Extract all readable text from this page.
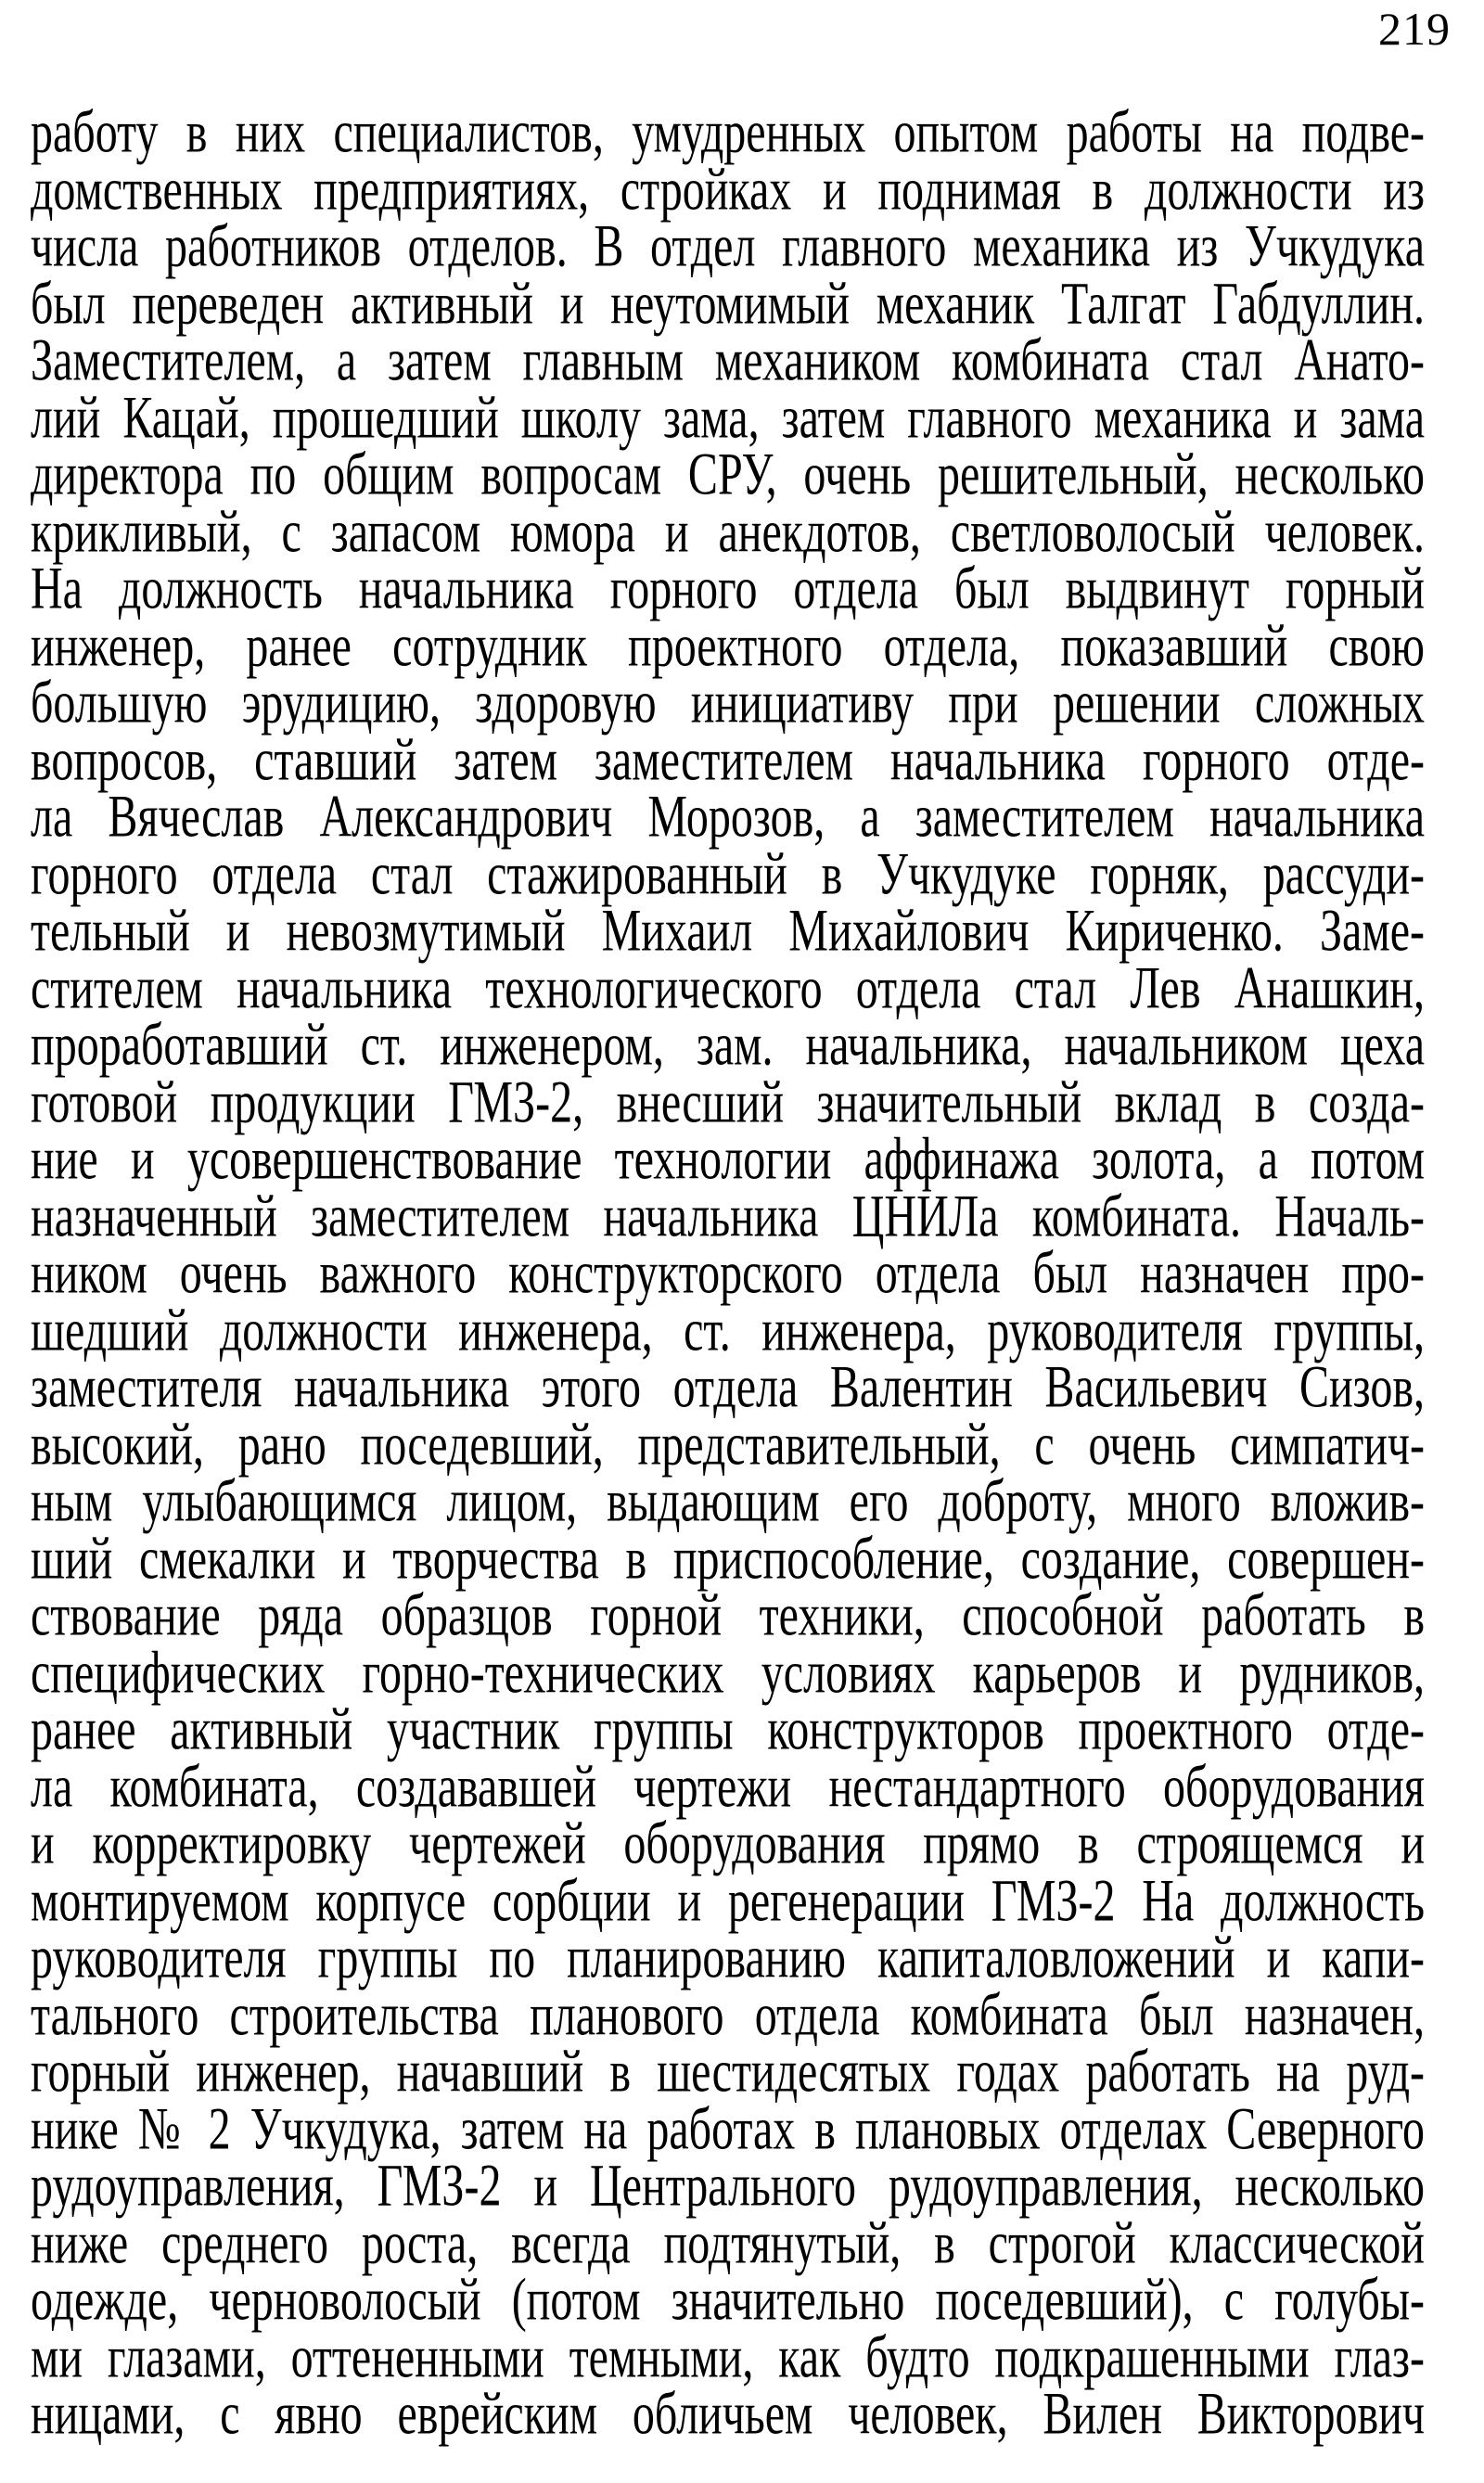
219
работу в них специалистов, умудренных опытом работы на подве-
домственных предприятиях, стройках и поднимая в должности из
числа работников отделов. В отдел главного механика из Учкудука
был переведен активный и неутомимый механик Талгат Габдуллин.
Заместителем, а затем главным механиком комбината стал Анато-
лий Кацай, прошедший школу зама, затем главного механика и зама
директора по общим вопросам СРУ, очень решительный, несколько
крикливый, с запасом юмора и анекдотов, светловолосый человек.
На должность начальника горного отдела был выдвинут горный
инженер, ранее сотрудник проектного отдела, показавший свою
большую эрудицию, здоровую инициативу при решении сложных
вопросов, ставший затем заместителем начальника горного отде-
ла Вячеслав Александрович Морозов, а заместителем начальника
горного отдела стал стажированный в Учкудуке горняк, рассуди-
тельный и невозмутимый Михаил Михайлович Кириченко. Заме-
стителем начальника технологического отдела стал Лев Анашкин,
проработавший ст. инженером, зам. начальника, начальником цеха
готовой продукции ГМЗ-2, внесший значительный вклад в созда-
ние и усовершенствование технологии аффинажа золота, а потом
назначенный заместителем начальника ЦНИЛа комбината. Началь-
ником очень важного конструкторского отдела был назначен про-
шедший должности инженера, ст. инженера, руководителя группы,
заместителя начальника этого отдела Валентин Васильевич Сизов,
высокий, рано поседевший, представительный, с очень симпатич-
ным улыбающимся лицом, выдающим его доброту, много вложив-
ший смекалки и творчества в приспособление, создание, совершен-
ствование ряда образцов горной техники, способной работать в
специфических горно-технических условиях карьеров и рудников,
ранее активный участник группы конструкторов проектного отде-
ла комбината, создававшей чертежи нестандартного оборудования
и корректировку чертежей оборудования прямо в строящемся и
монтируемом корпусе сорбции и регенерации ГМЗ-2 На должность
руководителя группы по планированию капиталовложений и капи-
тального строительства планового отдела комбината был назначен,
горный инженер, начавший в шестидесятых годах работать на руд-
нике № 2 Учкудука, затем на работах в плановых отделах Северного
рудоуправления, ГМЗ-2 и Центрального рудоуправления, несколько
ниже среднего роста, всегда подтянутый, в строгой классической
одежде, черноволосый (потом значительно поседевший), с голубы-
ми глазами, оттененными темными, как будто подкрашенными глаз-
ницами, с явно еврейским обличьем человек, Вилен Викторович
